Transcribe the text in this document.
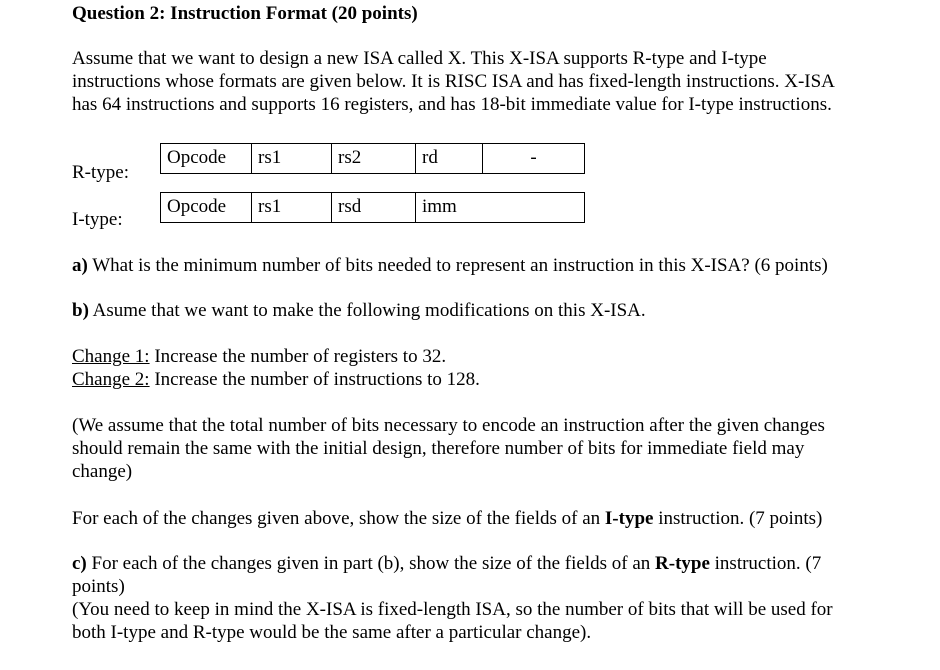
Question 2: Instruction Format (20 points)
Assume that we want to design a new ISA called X. This X-ISA supports R-type and I-type
instructions whose formats are given below. It is RISC ISA and has fixed-length instructions. X-ISA
has 64 instructions and supports 16 registers, and has 18-bit immediate value for I-type instructions.
R-type:
Opcode	rs1	rs2	rd	-
I-type:
Opcode	rs1	rsd	imm
a) What is the minimum number of bits needed to represent an instruction in this X-ISA? (6 points)
b) Asume that we want to make the following modifications on this X-ISA.
Change 1: Increase the number of registers to 32.
Change 2: Increase the number of instructions to 128.
(We assume that the total number of bits necessary to encode an instruction after the given changes
should remain the same with the initial design, therefore number of bits for immediate field may
change)
For each of the changes given above, show the size of the fields of an I-type instruction. (7 points)
c) For each of the changes given in part (b), show the size of the fields of an R-type instruction. (7
points)
(You need to keep in mind the X-ISA is fixed-length ISA, so the number of bits that will be used for
both I-type and R-type would be the same after a particular change).
